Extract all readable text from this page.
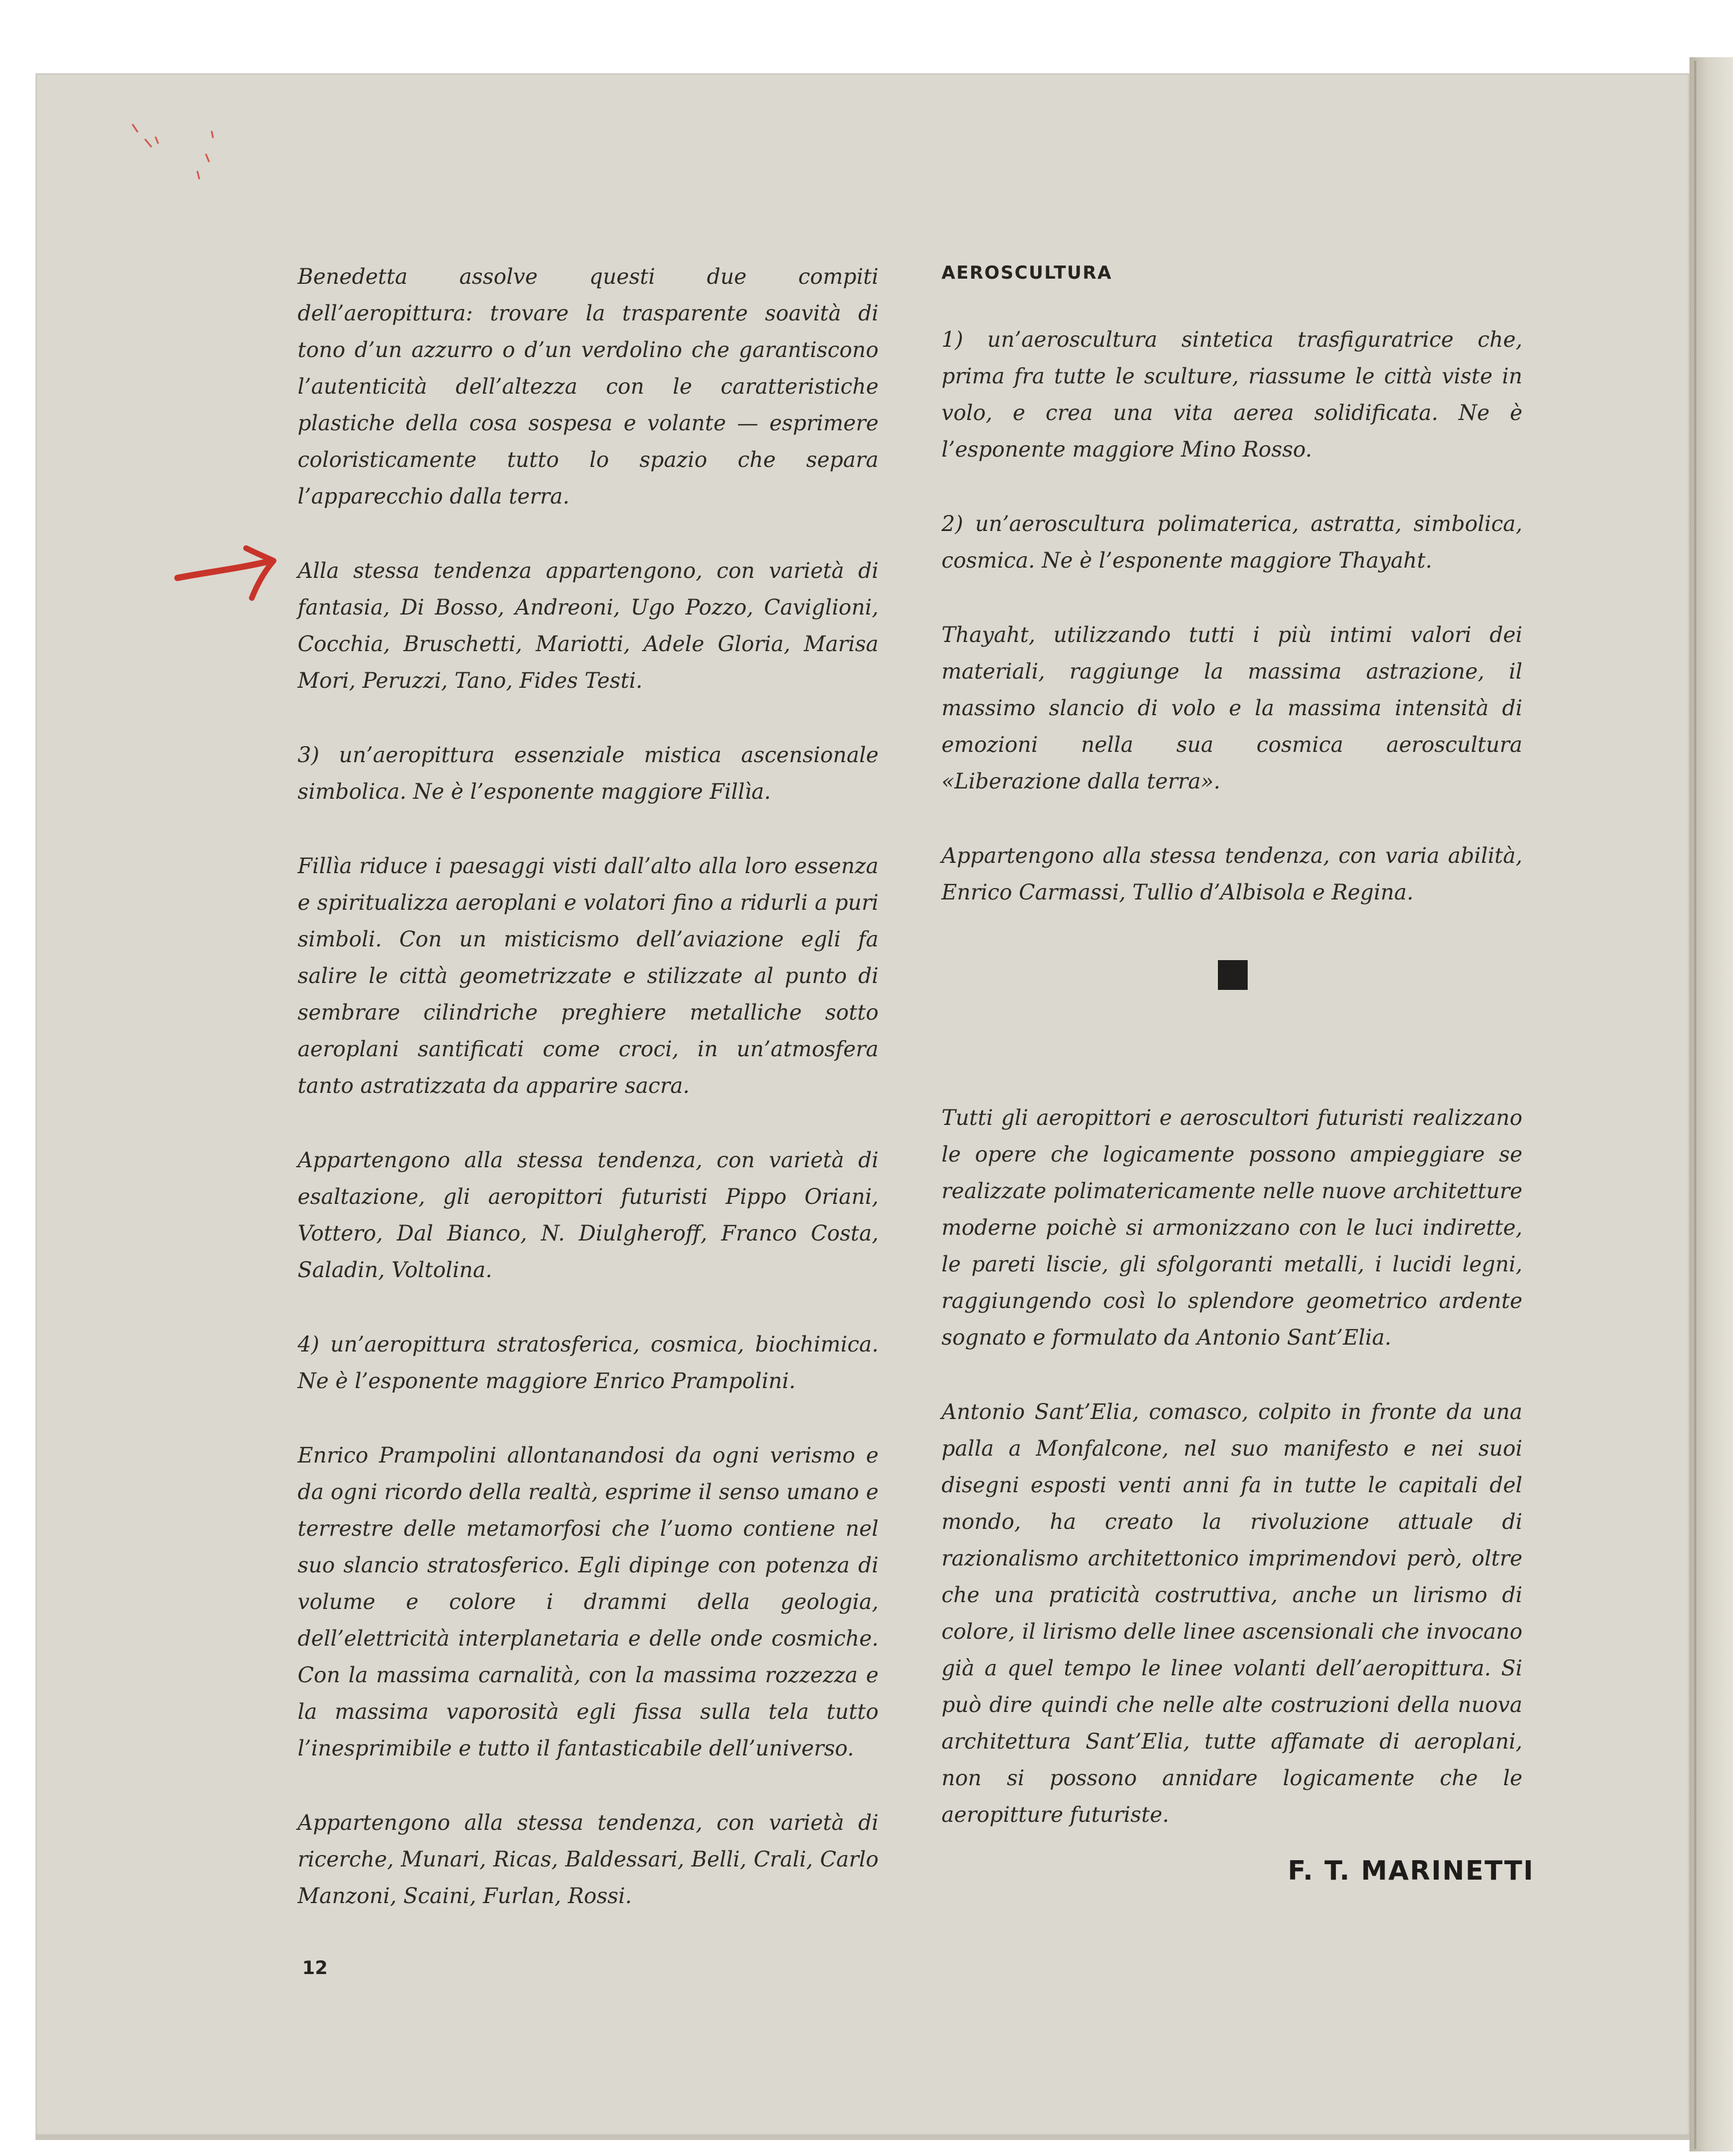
Benedetta assolve questi due compiti dell’aeropittura: trovare la trasparente soavità di tono d’un azzurro o d’un verdolino che garantiscono l’autenticità dell’altezza con le caratteristiche plastiche della cosa sospesa e volante — esprimere coloristicamente tutto lo spazio che separa l’apparecchio dalla terra.

Alla stessa tendenza appartengono, con varietà di fantasia, Di Bosso, Andreoni, Ugo Pozzo, Caviglioni, Cocchia, Bruschetti, Mariotti, Adele Gloria, Marisa Mori, Peruzzi, Tano, Fides Testi.

3) un’aeropittura essenziale mistica ascensionale simbolica. Ne è l’esponente maggiore Fillìa.

Fillìa riduce i paesaggi visti dall’alto alla loro essenza e spiritualizza aeroplani e volatori fino a ridurli a puri simboli. Con un misticismo dell’aviazione egli fa salire le città geometrizzate e stilizzate al punto di sembrare cilindriche preghiere metalliche sotto aeroplani santificati come croci, in un’atmosfera tanto astratizzata da apparire sacra.

Appartengono alla stessa tendenza, con varietà di esaltazione, gli aeropittori futuristi Pippo Oriani, Vottero, Dal Bianco, N. Diulgheroff, Franco Costa, Saladin, Voltolina.

4) un’aeropittura stratosferica, cosmica, biochimica. Ne è l’esponente maggiore Enrico Prampolini.

Enrico Prampolini allontanandosi da ogni verismo e da ogni ricordo della realtà, esprime il senso umano e terrestre delle metamorfosi che l’uomo contiene nel suo slancio stratosferico. Egli dipinge con potenza di volume e colore i drammi della geologia, dell’elettricità interplanetaria e delle onde cosmiche. Con la massima carnalità, con la massima rozzezza e la massima vaporosità egli fissa sulla tela tutto l’inesprimibile e tutto il fantasticabile dell’universo.

Appartengono alla stessa tendenza, con varietà di ricerche, Munari, Ricas, Baldessari, Belli, Crali, Carlo Manzoni, Scaini, Furlan, Rossi.

AEROSCULTURA

1) un’aeroscultura sintetica trasfiguratrice che, prima fra tutte le sculture, riassume le città viste in volo, e crea una vita aerea solidificata. Ne è l’esponente maggiore Mino Rosso.

2) un’aeroscultura polimaterica, astratta, simbolica, cosmica. Ne è l’esponente maggiore Thayaht.

Thayaht, utilizzando tutti i più intimi valori dei materiali, raggiunge la massima astrazione, il massimo slancio di volo e la massima intensità di emozioni nella sua cosmica aeroscultura «Liberazione dalla terra».

Appartengono alla stessa tendenza, con varia abilità, Enrico Carmassi, Tullio d’Albisola e Regina.

Tutti gli aeropittori e aeroscultori futuristi realizzano le opere che logicamente possono ampieggiare se realizzate polimatericamente nelle nuove architetture moderne poichè si armonizzano con le luci indirette, le pareti liscie, gli sfolgoranti metalli, i lucidi legni, raggiungendo così lo splendore geometrico ardente sognato e formulato da Antonio Sant’Elia.

Antonio Sant’Elia, comasco, colpito in fronte da una palla a Monfalcone, nel suo manifesto e nei suoi disegni esposti venti anni fa in tutte le capitali del mondo, ha creato la rivoluzione attuale di razionalismo architettonico imprimendovi però, oltre che una praticità costruttiva, anche un lirismo di colore, il lirismo delle linee ascensionali che invocano già a quel tempo le linee volanti dell’aeropittura. Si può dire quindi che nelle alte costruzioni della nuova architettura Sant’Elia, tutte affamate di aeroplani, non si possono annidare logicamente che le aeropitture futuriste.

F. T. MARINETTI
12
